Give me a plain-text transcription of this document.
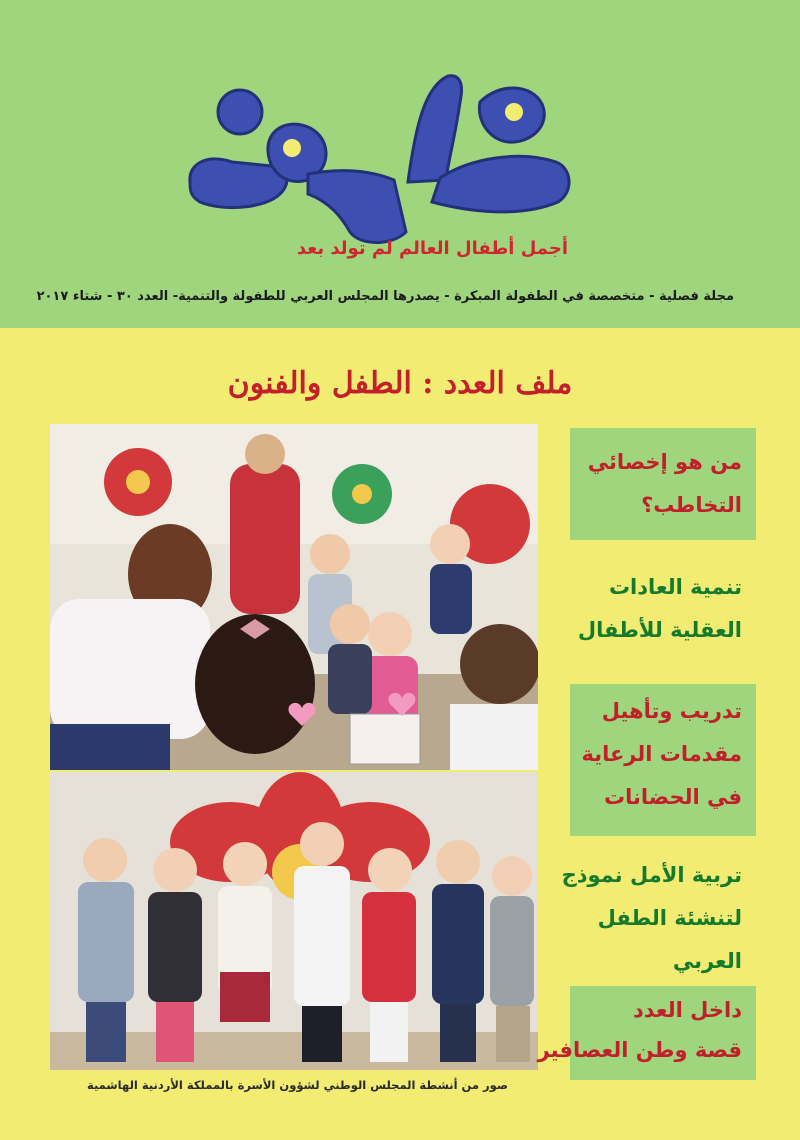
خطوة
أجمل أطفال العالم لم تولد بعد
مجلة فصلية - متخصصة في الطفولة المبكرة - يصدرها المجلس العربي للطفولة والتنمية- العدد ٣٠ - شتاء ٢٠١٧
ملف العدد : الطفل والفنون
صور من أنشطة المجلس الوطني لشؤون الأسرة بالمملكة الأردنية الهاشمية
من هو إخصائي
التخاطب؟
تنمية العادات
العقلية للأطفال
تدريب وتأهيل
مقدمات الرعاية
في الحضانات
تربية الأمل نموذج
لتنشئة الطفل
العربي
داخل العدد
قصة وطن العصافير
